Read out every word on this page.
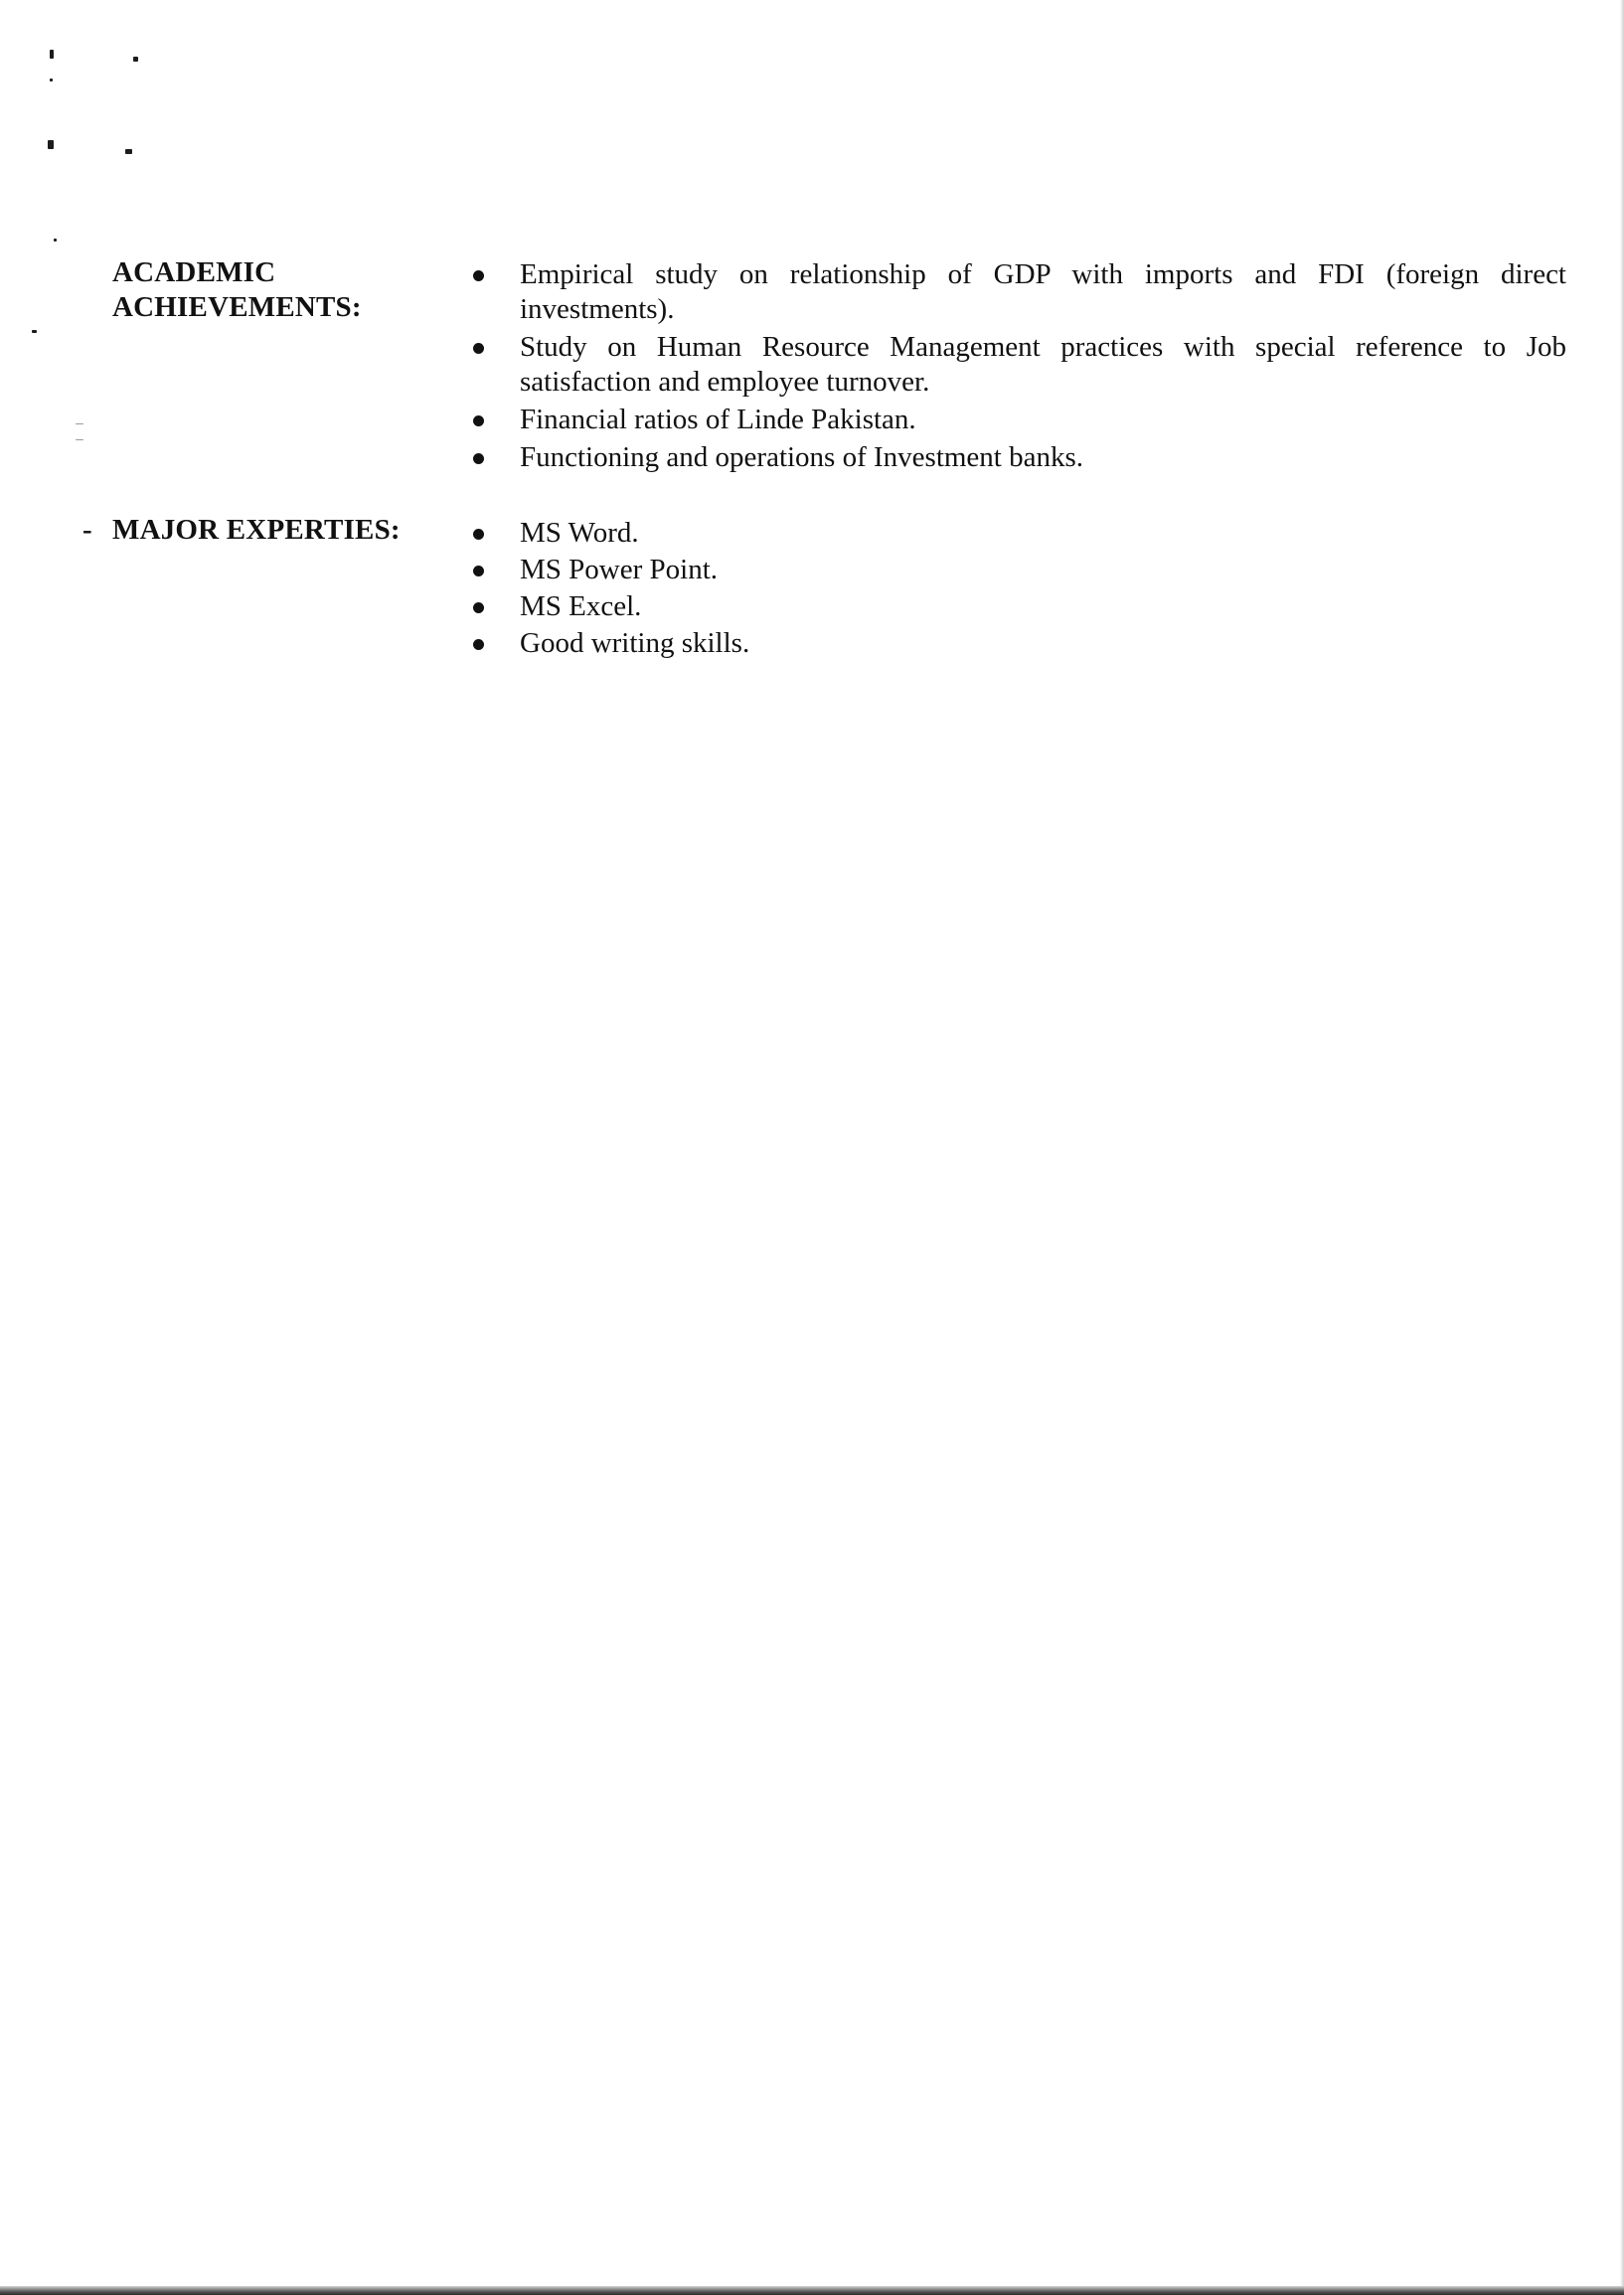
ACADEMIC
ACHIEVEMENTS:
Empirical study on relationship of GDP with imports and FDI (foreign direct investments).
Study on Human Resource Management practices with special reference to Job satisfaction and employee turnover.
Financial ratios of Linde Pakistan.
Functioning and operations of Investment banks.
- MAJOR EXPERTIES:	MS Word.
MS Power Point.
MS Excel.
Good writing skills.
